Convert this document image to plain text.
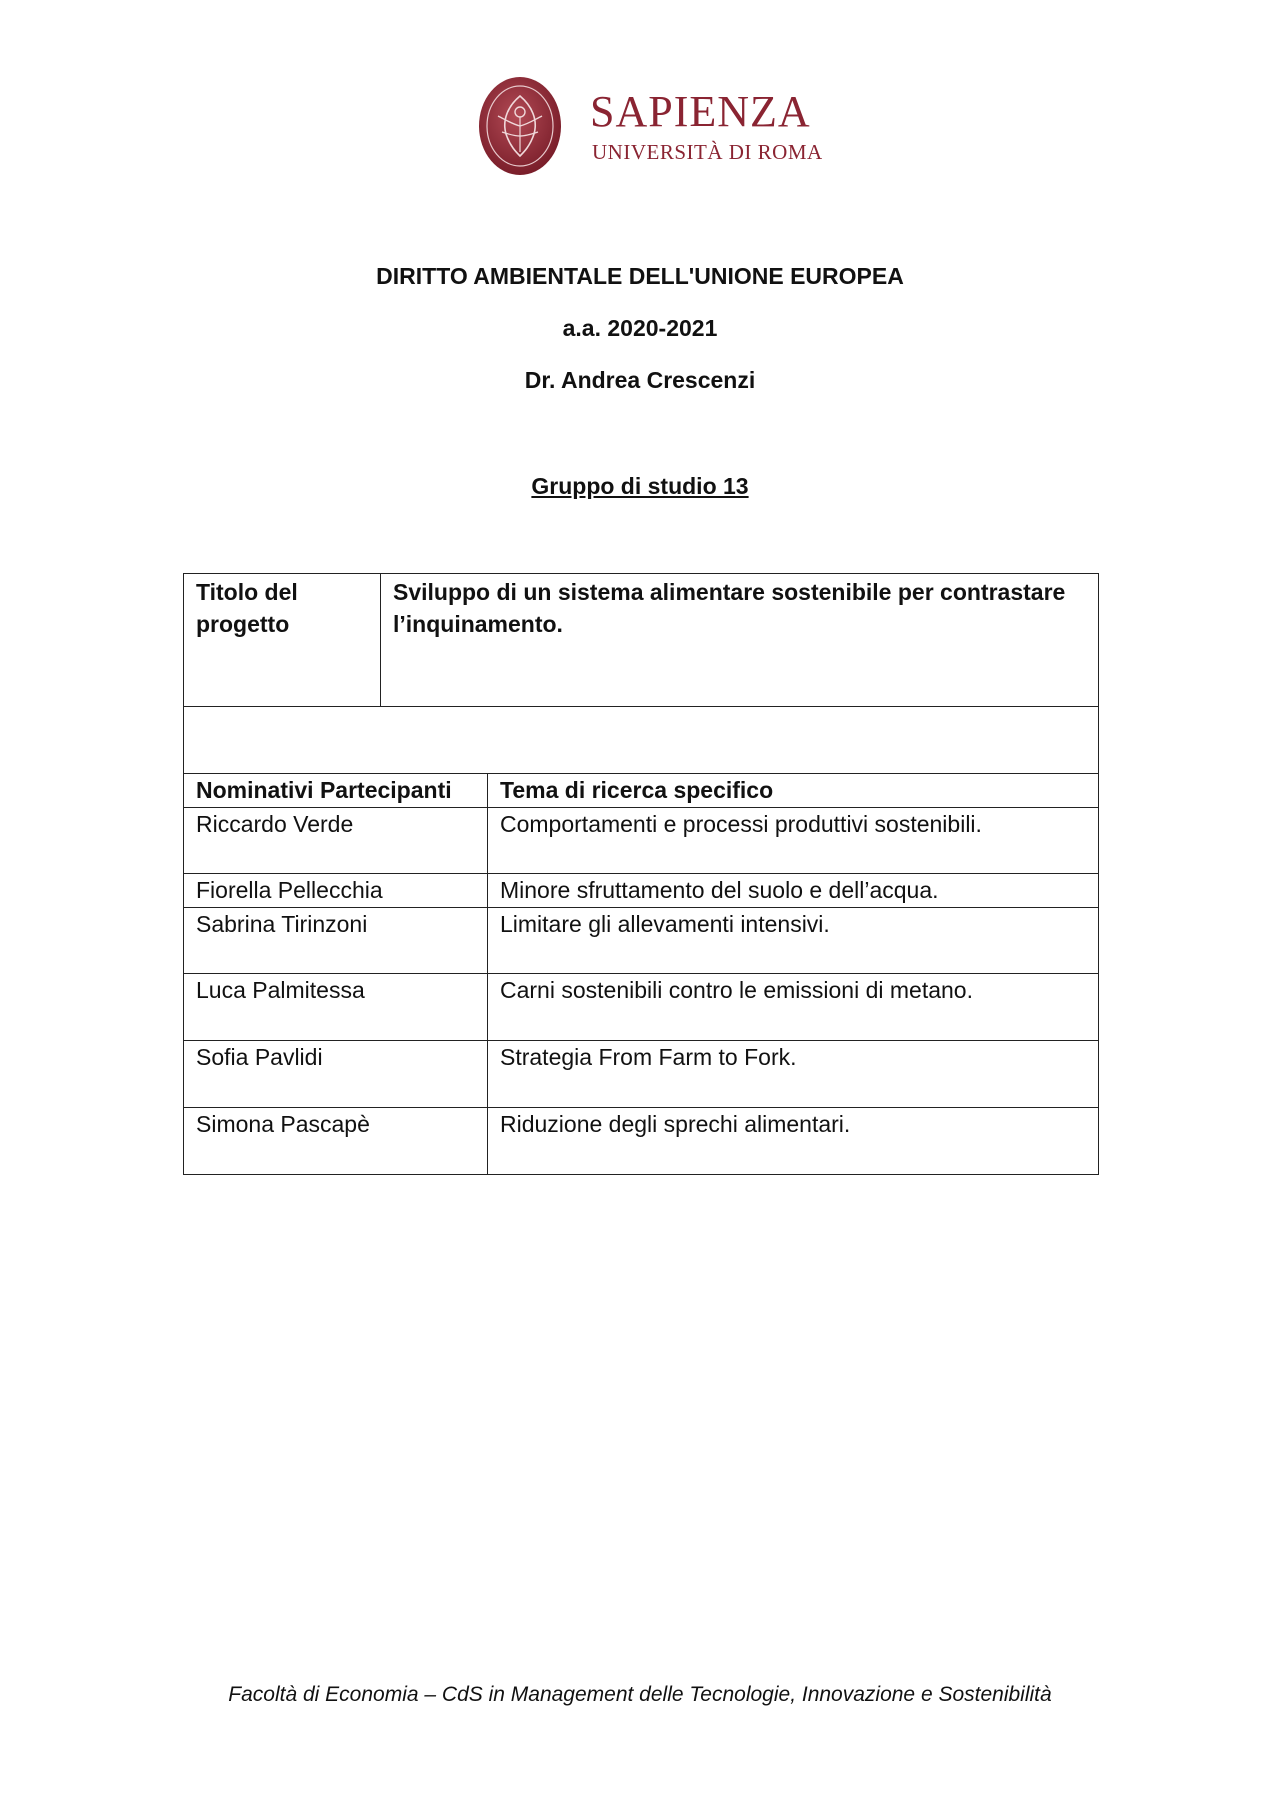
SAPIENZA
UNIVERSITÀ DI ROMA
DIRITTO AMBIENTALE DELL'UNIONE EUROPEA
a.a. 2020-2021
Dr. Andrea Crescenzi
Gruppo di studio 13
Titolo del progetto	Sviluppo di un sistema alimentare sostenibile per contrastare l’inquinamento.	

Nominativi Partecipanti		Tema di ricerca specifico
Riccardo Verde		Comportamenti e processi produttivi sostenibili.
Fiorella Pellecchia		Minore sfruttamento del suolo e dell’acqua.
Sabrina Tirinzoni		Limitare gli allevamenti intensivi.
Luca Palmitessa		Carni sostenibili contro le emissioni di metano.
Sofia Pavlidi		Strategia From Farm to Fork.
Simona Pascapè		Riduzione degli sprechi alimentari.
Facoltà di Economia – CdS in Management delle Tecnologie, Innovazione e Sostenibilità
